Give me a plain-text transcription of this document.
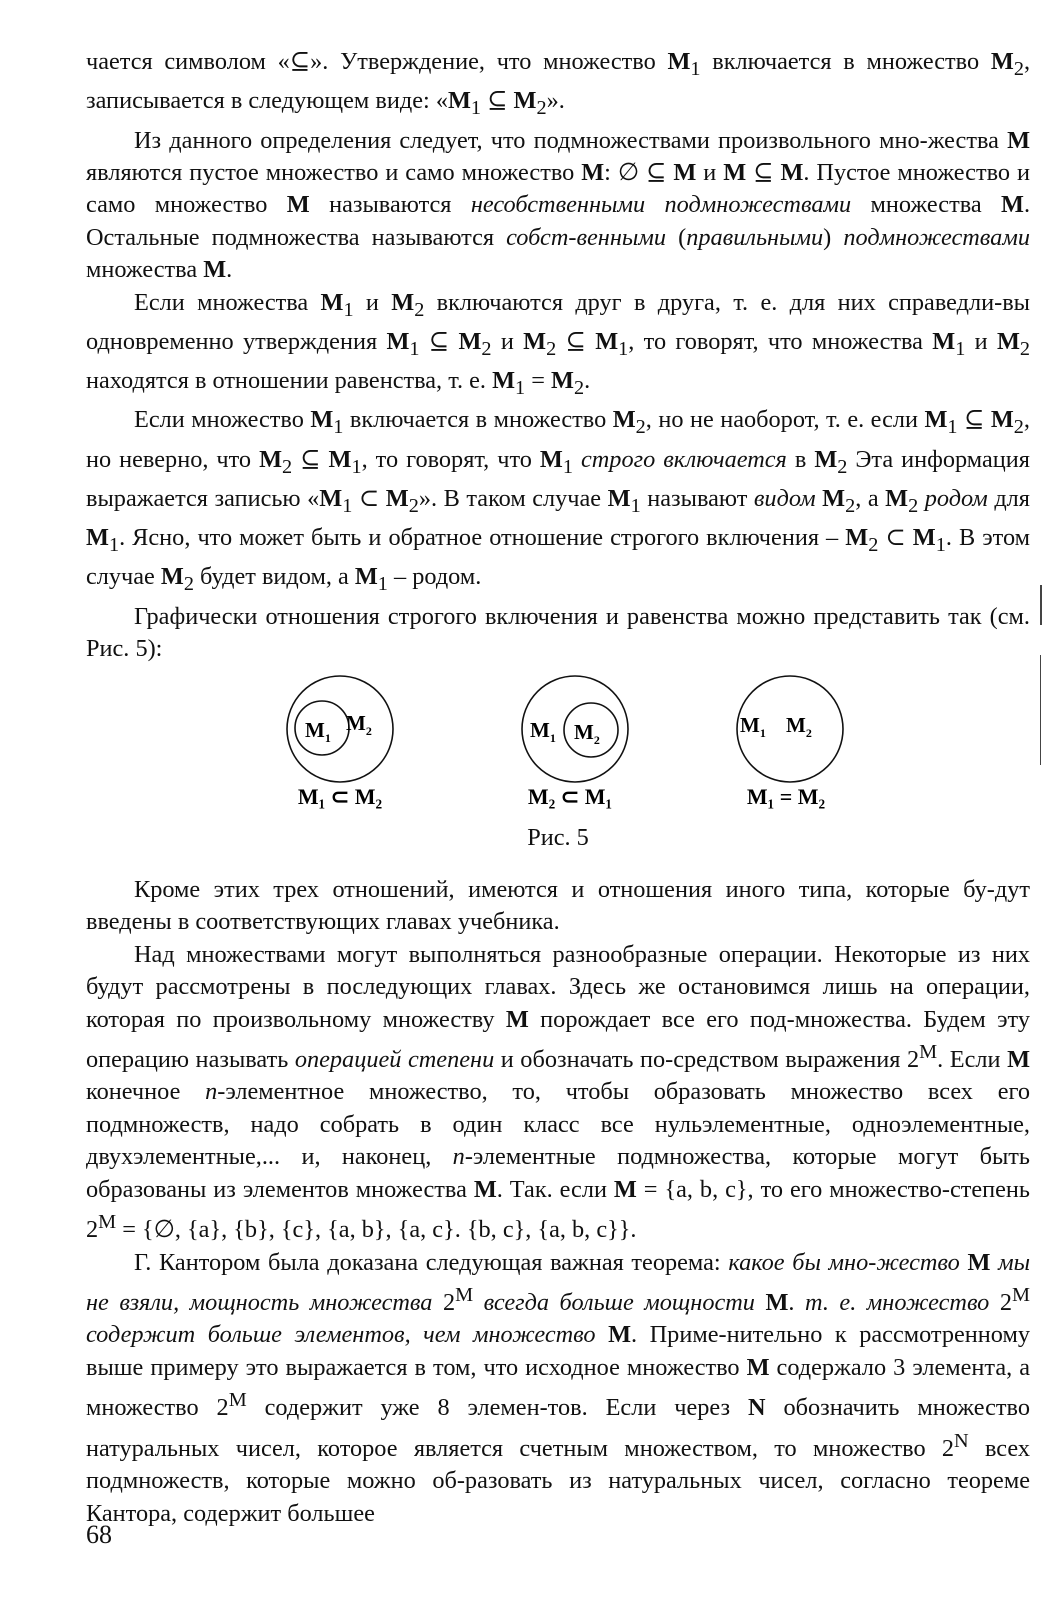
чается символом «⊆». Утверждение, что множество $M_1$ включается в множество $M_2$, записывается в следующем виде: «$M_1$ ⊆ $M_2$».

Из данного определения следует, что подмножествами произвольного мно-жества M являются пустое множество и само множество M: ∅ ⊆ M и M ⊆ M. Пустое множество и само множество M называются несобственными подмножествами множества M. Остальные подмножества называются собст-венными (правильными) подмножествами множества M.

Если множества $M_1$ и $M_2$ включаются друг в друга, т. е. для них справедли-вы одновременно утверждения $M_1$ ⊆ $M_2$ и $M_2$ ⊆ $M_1$, то говорят, что множества $M_1$ и $M_2$ находятся в отношении равенства, т. е. $M_1 = M_2$.

Если множество $M_1$ включается в множество $M_2$, но не наоборот, т. е. если $M_1$ ⊆ $M_2$, но неверно, что $M_2$ ⊆ $M_1$, то говорят, что $M_1$ строго включается в $M_2$ Эта информация выражается записью «$M_1$ ⊂ $M_2$». В таком случае $M_1$ называют видом $M_2$, а $M_2$ родом для $M_1$. Ясно, что может быть и обратное отношение строгого включения – $M_2$ ⊂ $M_1$. В этом случае $M_2$ будет видом, а $M_1$ – родом.

Графически отношения строгого включения и равенства можно представить так (см. Рис. 5):

$M_1$
$M_2$
M₁ ⊂ M₂
$M_1$ $M_2$
M₂ ⊂ M₁
$M_1$ $M_2$
M₁ = M₂

Рис. 5

Кроме этих трех отношений, имеются и отношения иного типа, которые бу-дут введены в соответствующих главах учебника.

Над множествами могут выполняться разнообразные операции. Некоторые из них будут рассмотрены в последующих главах. Здесь же остановимся лишь на операции, которая по произвольному множеству M порождает все его под-множества. Будем эту операцию называть операцией степени и обозначать по-средством выражения $2^M$. Если M конечное n-элементное множество, то, чтобы образовать множество всех его подмножеств, надо собрать в один класс все нульэлементные, одноэлементные, двухэлементные,... и, наконец, n-элементные подмножества, которые могут быть образованы из элементов множества M. Так. если M = {a, b, c}, то его множество-степень $2^M$ = {∅, {a}, {b}, {c}, {a, b}, {a, c}. {b, c}, {a, b, c}}.

Г. Кантором была доказана следующая важная теорема: какое бы мно-жество M мы не взяли, мощность множества $2^M$ всегда больше мощности M. т. е. множество $2^M$ содержит больше элементов, чем множество M. Приме-нительно к рассмотренному выше примеру это выражается в том, что исходное множество M содержало 3 элемента, а множество $2^M$ содержит уже 8 элемен-тов. Если через N обозначить множество натуральных чисел, которое является счетным множеством, то множество $2^N$ всех подмножеств, которые можно об-разовать из натуральных чисел, согласно теореме Кантора, содержит большее

68
